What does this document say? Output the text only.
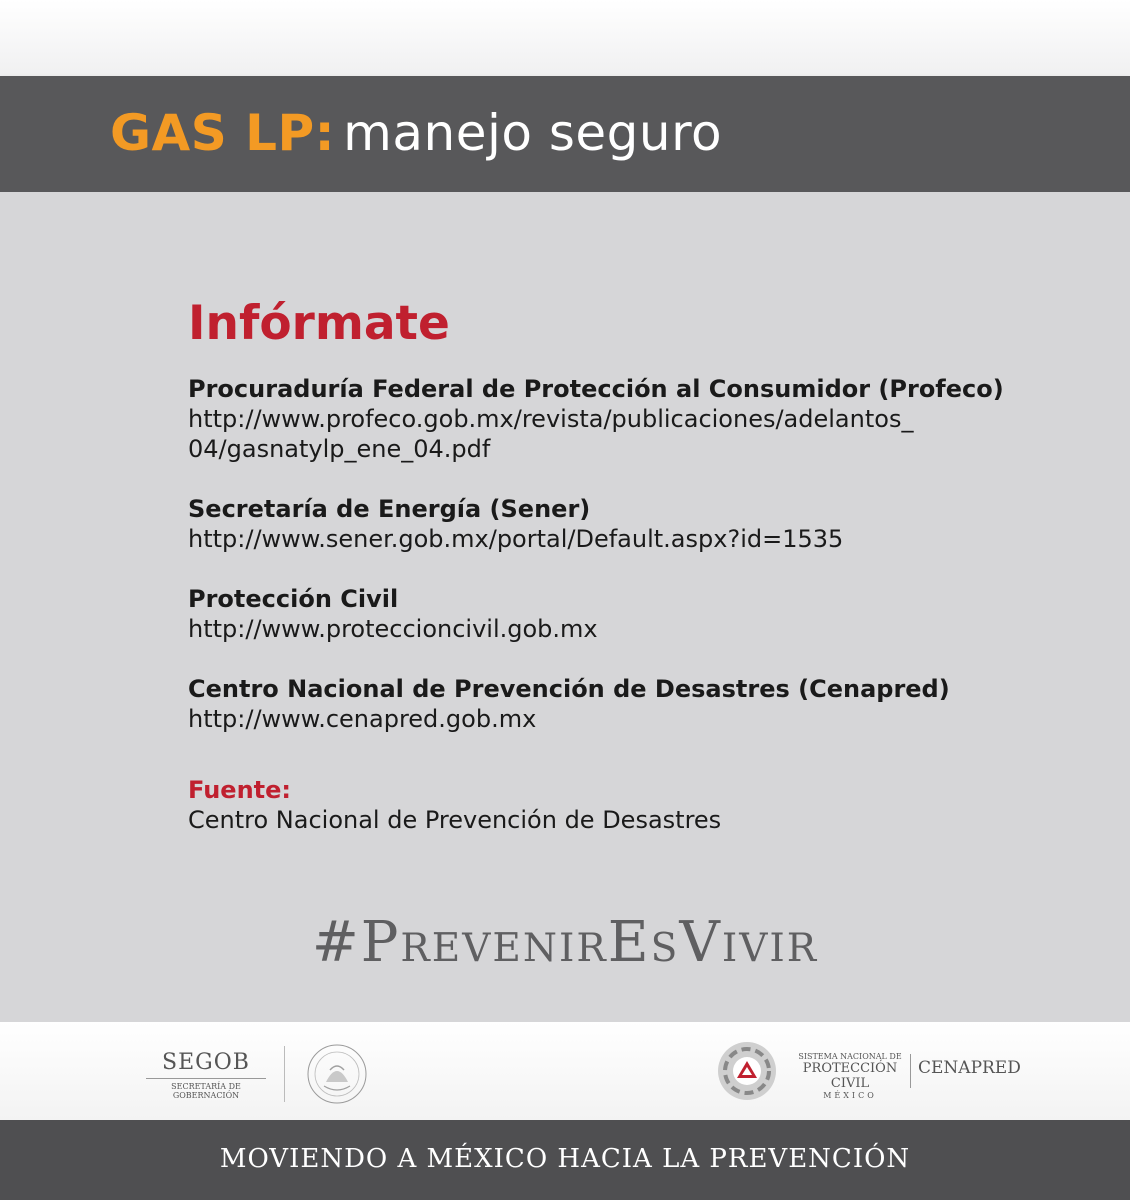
GAS LP: manejo seguro
Infórmate
Procuraduría Federal de Protección al Consumidor (Profeco)
http://www.profeco.gob.mx/revista/publicaciones/adelantos_
04/gasnatylp_ene_04.pdf
Secretaría de Energía (Sener)
http://www.sener.gob.mx/portal/Default.aspx?id=1535
Protección Civil
http://www.proteccioncivil.gob.mx
Centro Nacional de Prevención de Desastres (Cenapred)
http://www.cenapred.gob.mx
Fuente:
Centro Nacional de Prevención de Desastres
#PrevenirEsVivir
SEGOB
SECRETARÍA DE GOBERNACIÓN
SISTEMA NACIONAL DE
PROTECCIÓN CIVIL
MÉXICO
CENAPRED
MOVIENDO A MÉXICO HACIA LA PREVENCIÓN
